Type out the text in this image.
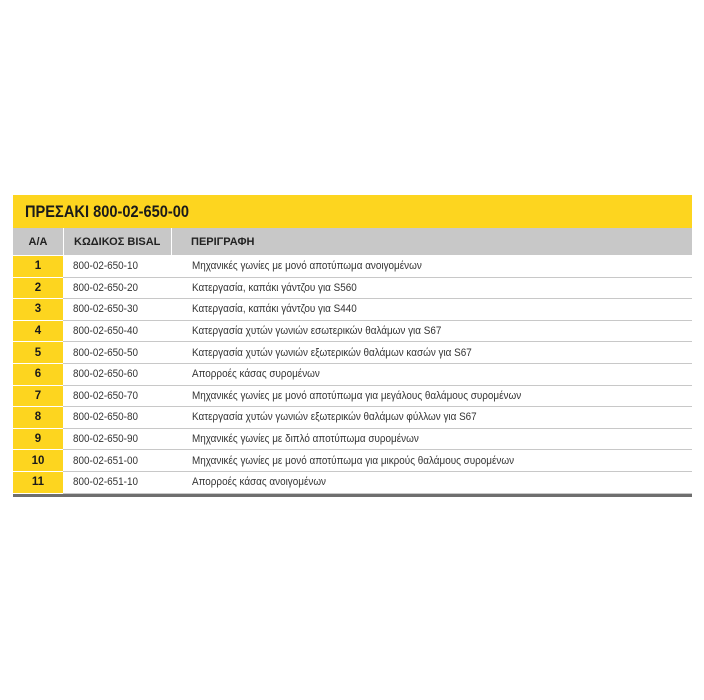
ΠΡΕΣΑΚΙ 800-02-650-00
Α/Α	ΚΩΔΙΚΟΣ BISAL	ΠΕΡΙΓΡΑΦΗ
1	800-02-650-10	Μηχανικές γωνίες με μονό αποτύπωμα ανοιγομένων
2	800-02-650-20	Κατεργασία, καπάκι γάντζου για S560
3	800-02-650-30	Κατεργασία, καπάκι γάντζου για S440
4	800-02-650-40	Κατεργασία χυτών γωνιών εσωτερικών θαλάμων για S67
5	800-02-650-50	Κατεργασία χυτών γωνιών εξωτερικών θαλάμων κασών για S67
6	800-02-650-60	Απορροές κάσας συρομένων
7	800-02-650-70	Μηχανικές γωνίες με μονό αποτύπωμα για μεγάλους θαλάμους συρομένων
8	800-02-650-80	Κατεργασία χυτών γωνιών εξωτερικών θαλάμων φύλλων για S67
9	800-02-650-90	Μηχανικές γωνίες με διπλό αποτύπωμα συρομένων
10	800-02-651-00	Μηχανικές γωνίες με μονό αποτύπωμα για μικρούς θαλάμους συρομένων
11	800-02-651-10	Απορροές κάσας ανοιγομένων
